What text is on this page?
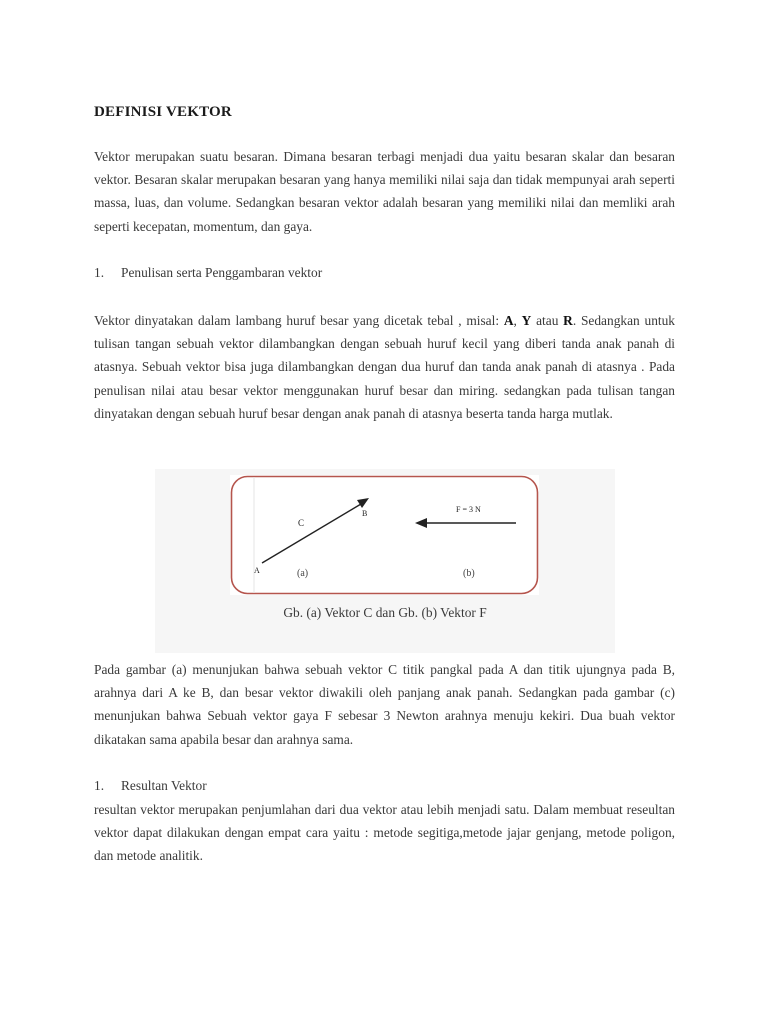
DEFINISI VEKTOR

Vektor merupakan suatu besaran. Dimana besaran terbagi menjadi dua yaitu besaran skalar dan besaran vektor. Besaran skalar merupakan besaran yang hanya memiliki nilai saja dan tidak mempunyai arah seperti massa, luas, dan volume. Sedangkan besaran vektor adalah besaran yang memiliki nilai dan memliki arah seperti kecepatan, momentum, dan gaya.

1. Penulisan serta Penggambaran vektor

Vektor dinyatakan dalam lambang huruf besar yang dicetak tebal , misal: A, Y atau R. Sedangkan untuk tulisan tangan sebuah vektor dilambangkan dengan sebuah huruf kecil yang diberi tanda anak panah di atasnya. Sebuah vektor bisa juga dilambangkan dengan dua huruf dan tanda anak panah di atasnya . Pada penulisan nilai atau besar vektor menggunakan huruf besar dan miring. sedangkan pada tulisan tangan dinyatakan dengan sebuah huruf besar dengan anak panah di atasnya beserta tanda harga mutlak.

A
B
C
F = 3 N
(a)	(b)
Gb. (a) Vektor C dan Gb. (b) Vektor F

Pada gambar (a) menunjukan bahwa sebuah vektor C titik pangkal pada A dan titik ujungnya pada B, arahnya dari A ke B, dan besar vektor diwakili oleh panjang anak panah. Sedangkan pada gambar (c) menunjukan bahwa Sebuah vektor gaya F sebesar 3 Newton arahnya menuju kekiri. Dua buah vektor dikatakan sama apabila besar dan arahnya sama.

1. Resultan Vektor

resultan vektor merupakan penjumlahan dari dua vektor atau lebih menjadi satu. Dalam membuat reseultan vektor dapat dilakukan dengan empat cara yaitu : metode segitiga,metode jajar genjang, metode poligon, dan metode analitik.
